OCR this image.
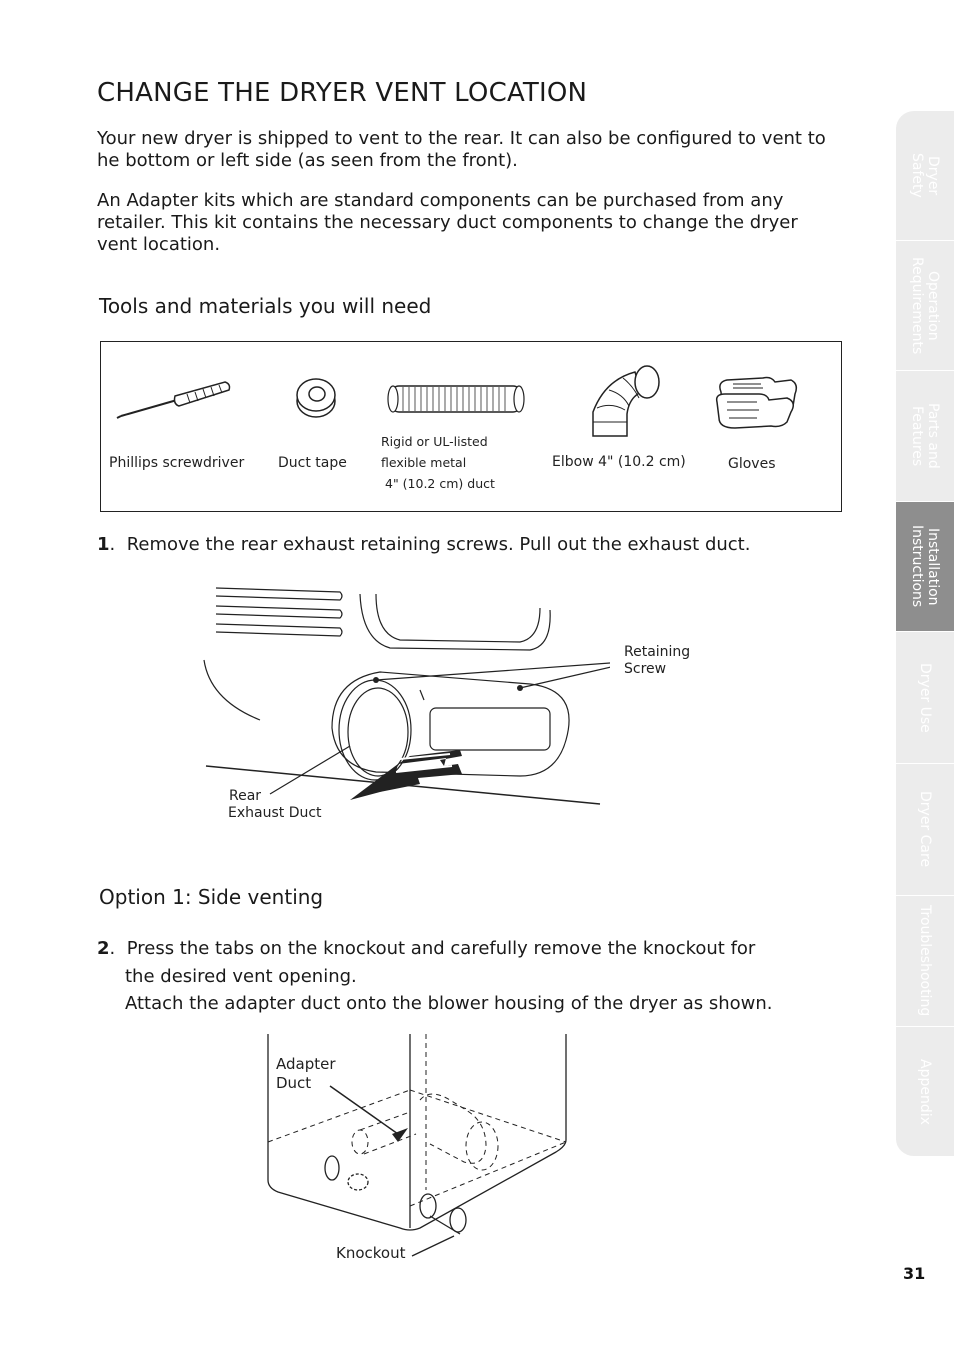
CHANGE THE DRYER VENT LOCATION

Your new dryer is shipped to vent to the rear. It can also be configured to vent to he bottom or left side (as seen from the front).

An Adapter kits which are standard components can be purchased from any retailer. This kit contains the necessary duct components to change the dryer vent location.

Tools and materials you will need
Phillips screwdriver Duct tape
Rigid or UL-listed
flexible metal
4" (10.2 cm) duct
Elbow 4" (10.2 cm)	Gloves

1.  Remove the rear exhaust retaining screws. Pull out the exhaust duct.

Retaining
Screw
Rear
Exhaust Duct
Option 1: Side venting

2.  Press the tabs on the knockout and carefully remove the knockout for
the desired vent opening.
Attach the adapter duct onto the blower housing of the dryer as shown.

Adapter
Duct
Knockout
Dryer
Safety
Operation
Requirements
Parts and
Features
Installation
Instructions
Dryer Use
Dryer Care
Troubleshooting
Appendix
31
